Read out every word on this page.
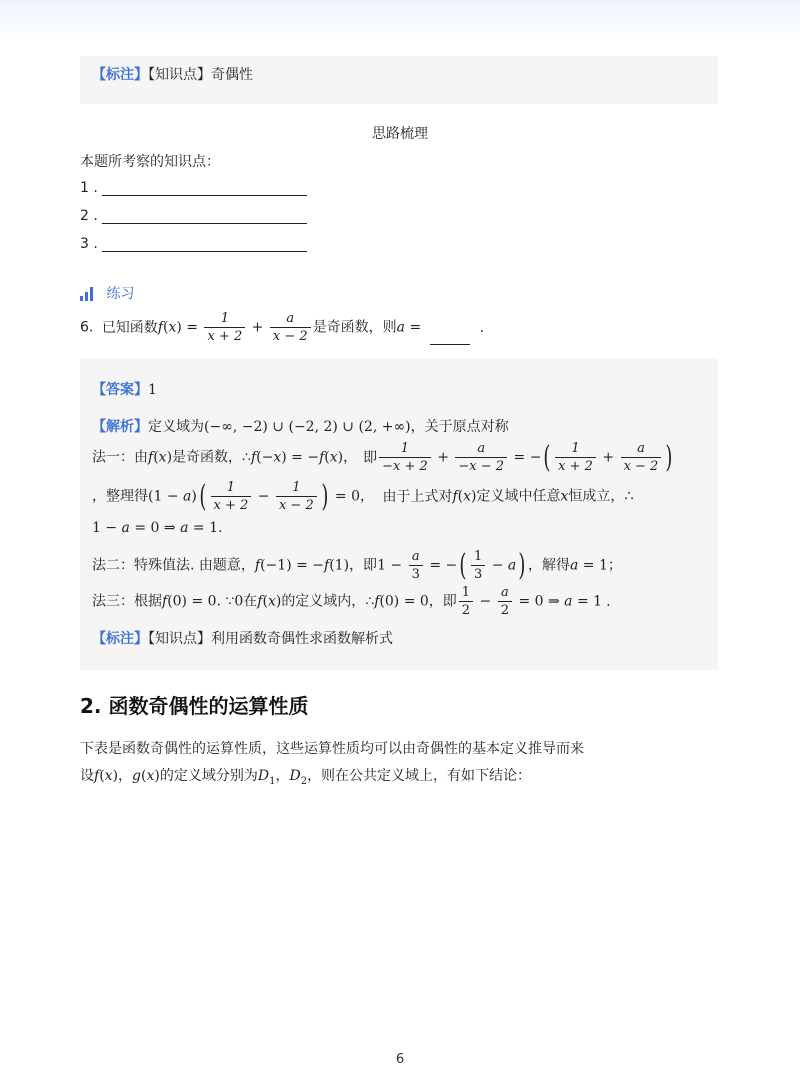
【标注】【知识点】奇偶性
思路梳理
本题所考察的知识点：
1 .
2 .
3 .
练习
6. 已知函数$f(x) = \frac{1}{x + 2} + \frac{a}{x - 2}$ 是奇函数，则a =	.
【答案】1
【解析】定义域为(−∞, −2) ∪ (−2, 2) ∪ (2, +∞)，关于原点对称
法一：由f(x)是奇函数，∴f(−x) = −f(x)， 即 $\frac{1}{-x + 2} + \frac{a}{-x - 2}$ = −( $\frac{1}{x + 2} + \frac{a}{x - 2}$ )
，整理得$(1 - a)( \frac{1}{x + 2} - \frac{1}{x - 2}$ ) = 0， 由于上式对f(x)定义域中任意x恒成立，∴
1 − a = 0 ⇒ a = 1.
法二：特殊值法. 由题意，f(−1) = −f(1)，即$1 - \frac{a}{3}$ = −( $\frac{1}{3} - a$) ，解得a = 1；
法三：根据f(0) = 0. ∵0在f(x)的定义域内，∴f(0) = 0，即 $\frac{1}{2} - \frac{a}{2} = 0$ ⇒ a = 1 .
【标注】【知识点】利用函数奇偶性求函数解析式
2. 函数奇偶性的运算性质
下表是函数奇偶性的运算性质，这些运算性质均可以由奇偶性的基本定义推导而来
设f(x)，g(x)的定义域分别为$D_1$，$D_2$，则在公共定义域上，有如下结论：
6
